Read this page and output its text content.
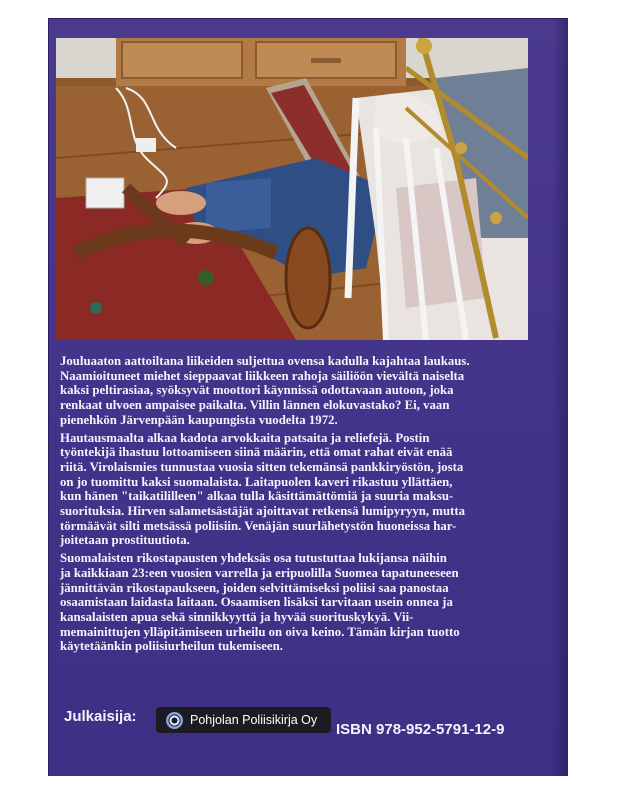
Jouluaaton aattoiltana liikeiden suljettua ovensa kadulla kajahtaa laukaus.
Naamioituneet miehet sieppaavat liikkeen rahoja säiliöön vievältä naiselta
kaksi peltirasiaa, syöksyvät moottori käynnissä odottavaan autoon, joka
renkaat ulvoen ampaisee paikalta. Villin lännen elokuvastako? Ei, vaan
pienehkön Järvenpään kaupungista vuodelta 1972.

Hautausmaalta alkaa kadota arvokkaita patsaita ja reliefejä. Postin
työntekijä ihastuu lottoamiseen siinä määrin, että omat rahat eivät enää
riitä. Virolaismies tunnustaa vuosia sitten tekemänsä pankkiryöstön, josta
on jo tuomittu kaksi suomalaista. Laitapuolen kaveri rikastuu yllättäen,
kun hänen "taikatililleen" alkaa tulla käsittämättömiä ja suuria maksu-
suorituksia. Hirven salametsästäjät ajoittavat retkensä lumipyryyn, mutta
törmäävät silti metsässä poliisiin. Venäjän suurlähetystön huoneissa har-
joitetaan prostituutiota.

Suomalaisten rikostapausten yhdeksäs osa tutustuttaa lukijansa näihin
ja kaikkiaan 23:een vuosien varrella ja eripuolilla Suomea tapatuneeseen
jännittävän rikostapaukseen, joiden selvittämiseksi poliisi saa panostaa
osaamistaan laidasta laitaan. Osaamisen lisäksi tarvitaan usein onnea ja
kansalaisten apua sekä sinnikkyyttä ja hyvää suorituskykyä. Vii-
memainittujen ylläpitämiseen urheilu on oiva keino. Tämän kirjan tuotto
käytetäänkin poliisiurheilun tukemiseen.

Julkaisija:	Pohjolan Poliisikirja Oy
ISBN 978-952-5791-12-9
